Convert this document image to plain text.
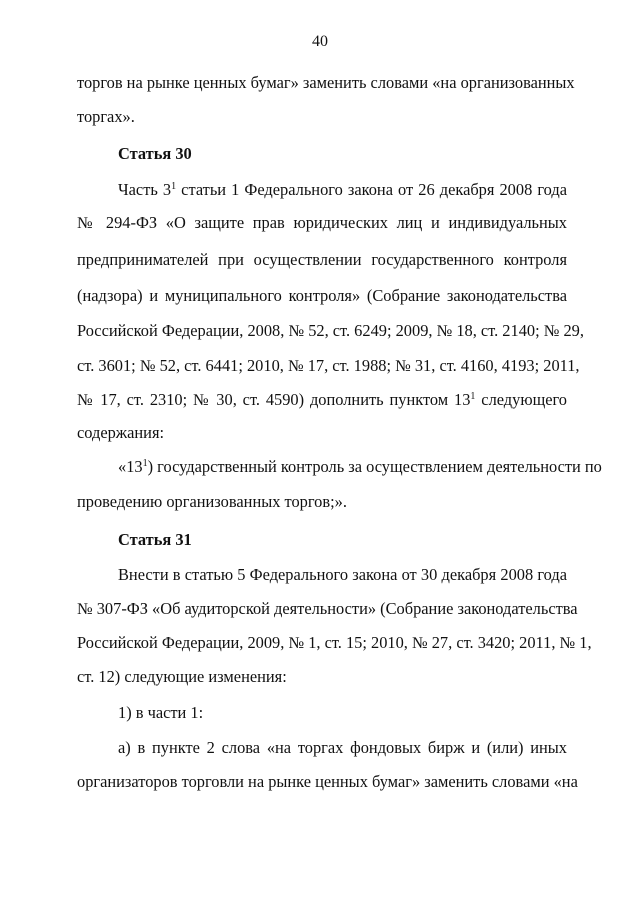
40
торгов на рынке ценных бумаг» заменить словами «на организованных
торгах».
Статья 30
Часть $3^1$ статьи 1 Федерального закона от 26 декабря 2008 года
№ 294-ФЗ «О защите прав юридических лиц и индивидуальных
предпринимателей при осуществлении государственного контроля
(надзора) и муниципального контроля» (Собрание законодательства
Российской Федерации, 2008, № 52, ст. 6249; 2009, № 18, ст. 2140; № 29,
ст. 3601; № 52, ст. 6441; 2010, № 17, ст. 1988; № 31, ст. 4160, 4193; 2011,
№ 17, ст. 2310; № 30, ст. 4590) дополнить пунктом $13^1$ следующего
содержания:
«$13^1$) государственный контроль за осуществлением деятельности по
проведению организованных торгов;».
Статья 31
Внести в статью 5 Федерального закона от 30 декабря 2008 года
№ 307-ФЗ «Об аудиторской деятельности» (Собрание законодательства
Российской Федерации, 2009, № 1, ст. 15; 2010, № 27, ст. 3420; 2011, № 1,
ст. 12) следующие изменения:
1) в части 1:
а) в пункте 2 слова «на торгах фондовых бирж и (или) иных
организаторов торговли на рынке ценных бумаг» заменить словами «на
